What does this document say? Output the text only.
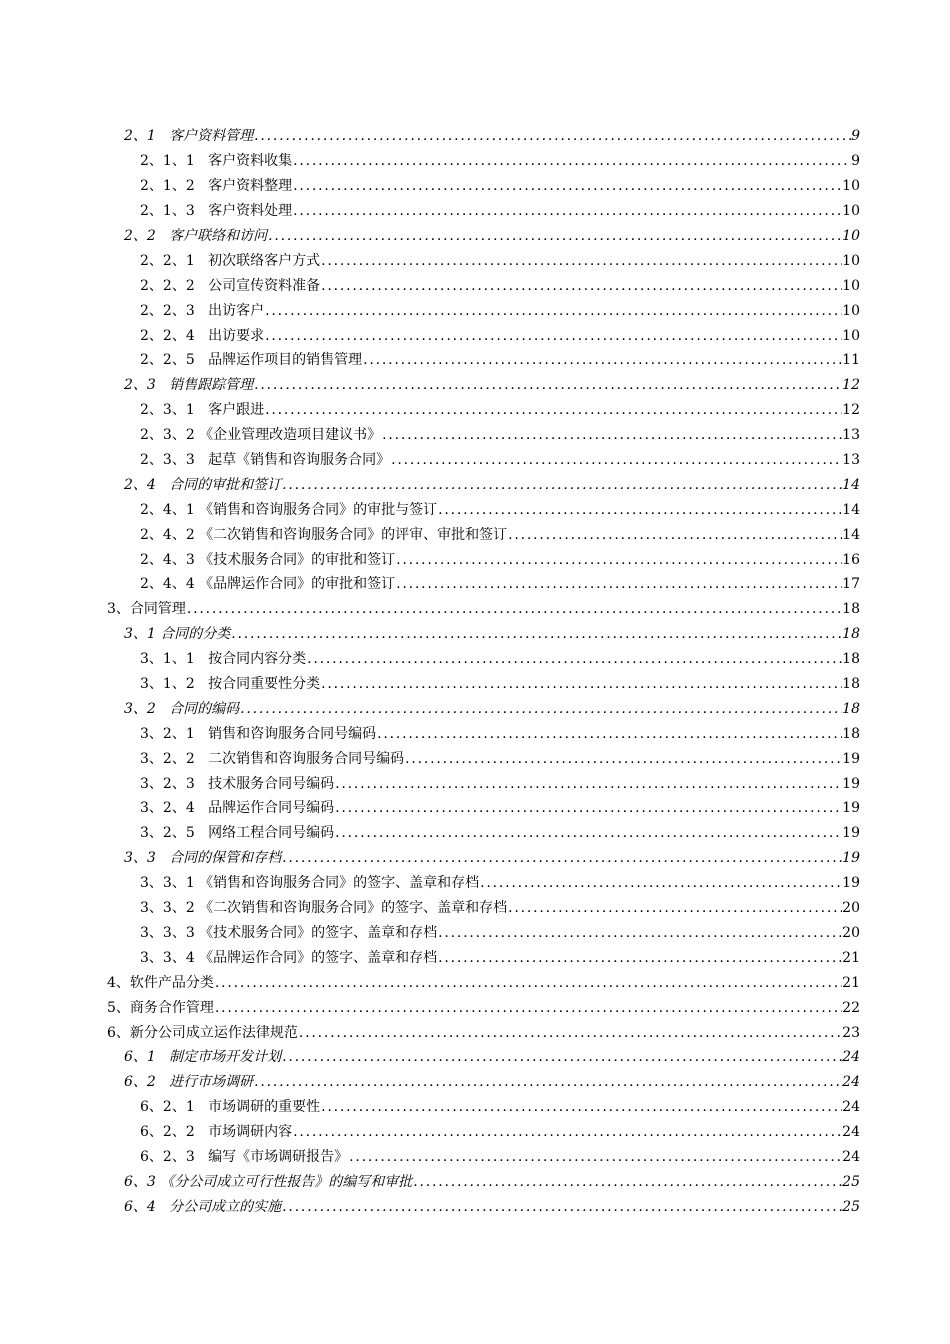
2、1   客户资料管理 .....	9
2、1、1   客户资料收集 .....	9
2、1、2   客户资料整理 .....	10
2、1、3   客户资料处理 .....	10
2、2   客户联络和访问 .....	10
2、2、1   初次联络客户方式 .....	10
2、2、2   公司宣传资料准备 .....	10
2、2、3   出访客户 .....	10
2、2、4   出访要求 .....	10
2、2、5   品牌运作项目的销售管理 .....	11
2、3   销售跟踪管理 .....	12
2、3、1   客户跟进 .....	12
2、3、2 《企业管理改造项目建议书》 .....	13
2、3、3   起草《销售和咨询服务合同》 .....	13
2、4   合同的审批和签订 .....	14
2、4、1 《销售和咨询服务合同》的审批与签订 .....	14
2、4、2 《二次销售和咨询服务合同》的评审、审批和签订 .....	14
2、4、3 《技术服务合同》的审批和签订 .....	16
2、4、4 《品牌运作合同》的审批和签订 .....	17
3、合同管理 .....	18
3、1 合同的分类 .....	18
3、1、1   按合同内容分类 .....	18
3、1、2   按合同重要性分类 .....	18
3、2   合同的编码 .....	18
3、2、1   销售和咨询服务合同号编码 .....	18
3、2、2   二次销售和咨询服务合同号编码 .....	19
3、2、3   技术服务合同号编码 .....	19
3、2、4   品牌运作合同号编码 .....	19
3、2、5   网络工程合同号编码 .....	19
3、3   合同的保管和存档 .....	19
3、3、1 《销售和咨询服务合同》的签字、盖章和存档 .....	19
3、3、2 《二次销售和咨询服务合同》的签字、盖章和存档 .....	20
3、3、3 《技术服务合同》的签字、盖章和存档 .....	20
3、3、4 《品牌运作合同》的签字、盖章和存档 .....	21
4、软件产品分类 .....	21
5、商务合作管理 .....	22
6、新分公司成立运作法律规范 .....	23
6、1   制定市场开发计划 .....	24
6、2   进行市场调研 .....	24
6、2、1   市场调研的重要性 .....	24
6、2、2   市场调研内容 .....	24
6、2、3   编写《市场调研报告》 .....	24
6、3 《分公司成立可行性报告》的编写和审批 .....	25
6、4   分公司成立的实施 .....	25
